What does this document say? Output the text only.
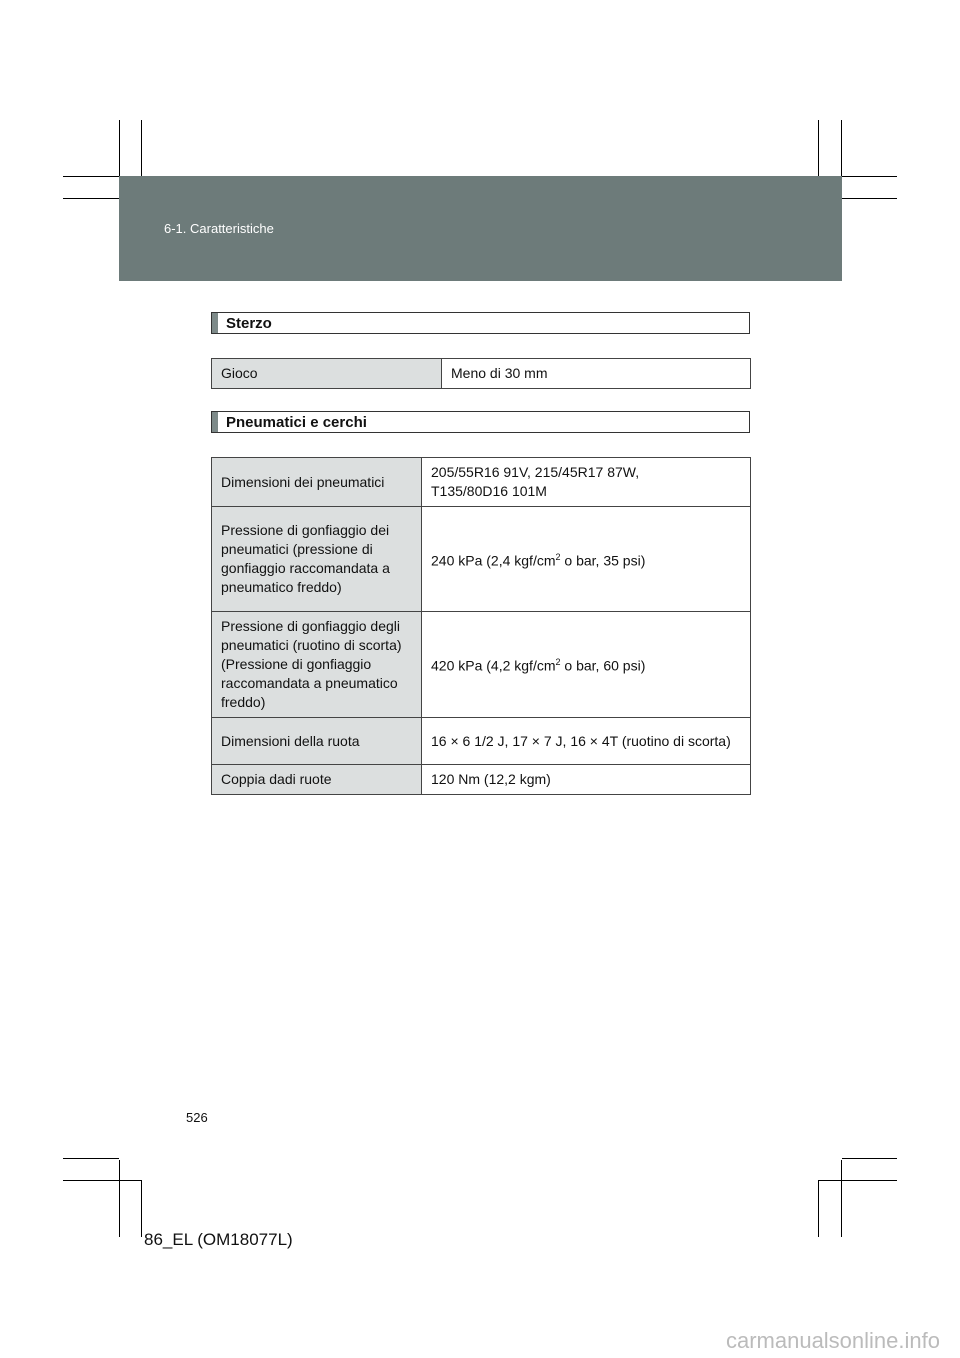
6-1. Caratteristiche
Sterzo
Gioco	Meno di 30 mm
Pneumatici e cerchi
Dimensioni dei pneumatici	205/55R16 91V, 215/45R17 87W,
T135/80D16 101M

Pressione di gonfiaggio dei pneumatici (pressione di gonfiaggio raccomandata a pneumatico freddo)	240 kPa (2,4 kgf/$cm^2$ o bar, 35 psi)
Pressione di gonfiaggio degli pneumatici (ruotino di scorta) (Pressione di gonfiaggio raccomandata a pneumatico freddo)	420 kPa (4,2 kgf/$cm^2$ o bar, 60 psi)
Dimensioni della ruota	16 × 6 1/2 J, 17 × 7 J, 16 × 4T (ruotino di scorta)
Coppia dadi ruote	120 Nm (12,2 kgm)
526
86_EL (OM18077L)
carmanualsonline.info
